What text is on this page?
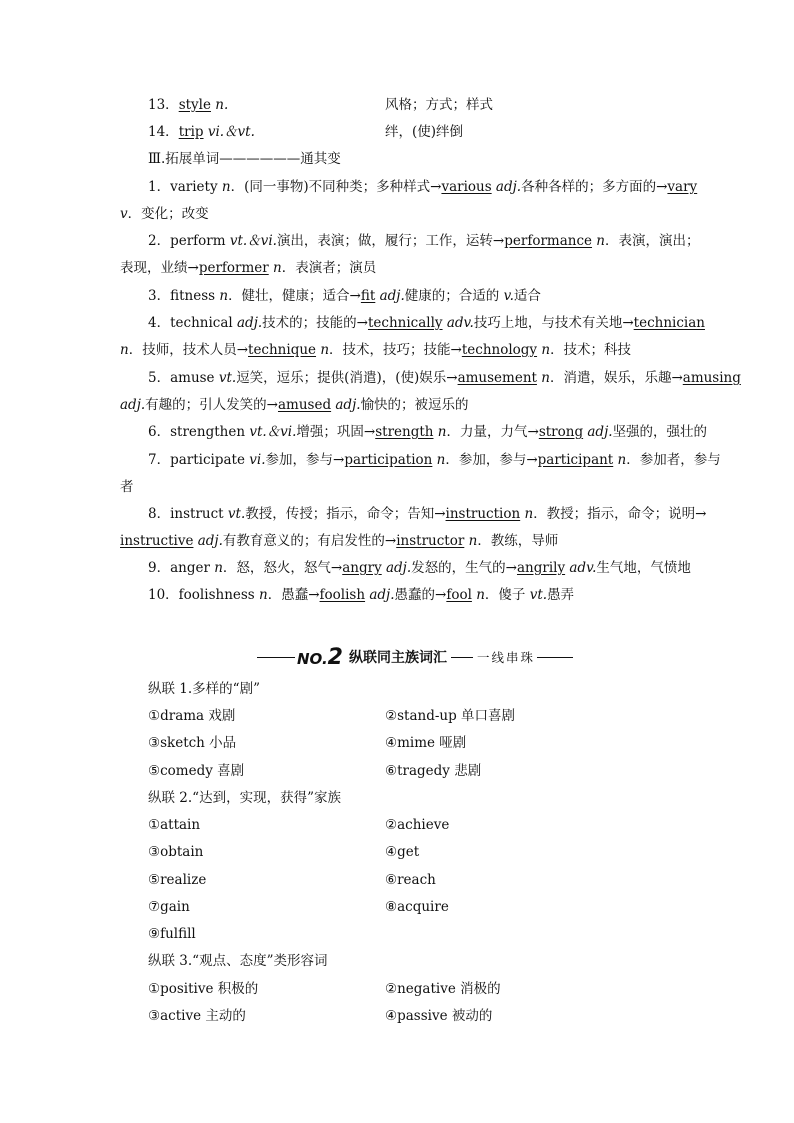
13．style n.	风格；方式；样式
14．trip vi.＆vt.	绊，(使)绊倒
Ⅲ.拓展单词——————通其变
1．variety n．(同一事物)不同种类；多种样式→various adj.各种各样的；多方面的→vary
v．变化；改变
2．perform vt.＆vi.演出，表演；做，履行；工作，运转→performance n．表演，演出；
表现，业绩→performer n．表演者；演员
3．fitness n．健壮，健康；适合→fit adj.健康的；合适的 v.适合
4．technical adj.技术的；技能的→technically adv.技巧上地，与技术有关地→technician
n．技师，技术人员→technique n．技术，技巧；技能→technology n．技术；科技
5．amuse vt.逗笑，逗乐；提供(消遣)，(使)娱乐→amusement n．消遣，娱乐，乐趣→amusing
adj.有趣的；引人发笑的→amused adj.愉快的；被逗乐的
6．strengthen vt.＆vi.增强；巩固→strength n．力量，力气→strong adj.坚强的，强壮的
7．participate vi.参加，参与→participation n．参加，参与→participant n．参加者，参与
者
8．instruct vt.教授，传授；指示，命令；告知→instruction n．教授；指示，命令；说明→
instructive adj.有教育意义的；有启发性的→instructor n．教练，导师
9．anger n．怒，怒火，怒气→angry adj.发怒的，生气的→angrily adv.生气地，气愤地
10．foolishness n．愚蠢→foolish adj.愚蠢的→fool n．傻子 vt.愚弄
NO.2 纵联同主族词汇 一线串珠
纵联 1.多样的“剧”
①drama 戏剧	②stand-up 单口喜剧
③sketch 小品	④mime 哑剧
⑤comedy 喜剧	⑥tragedy 悲剧
纵联 2.“达到，实现，获得”家族
①attain	②achieve
③obtain	④get
⑤realize	⑥reach
⑦gain	⑧acquire
⑨fulfill
纵联 3.“观点、态度”类形容词
①positive 积极的	②negative 消极的
③active 主动的	④passive 被动的
